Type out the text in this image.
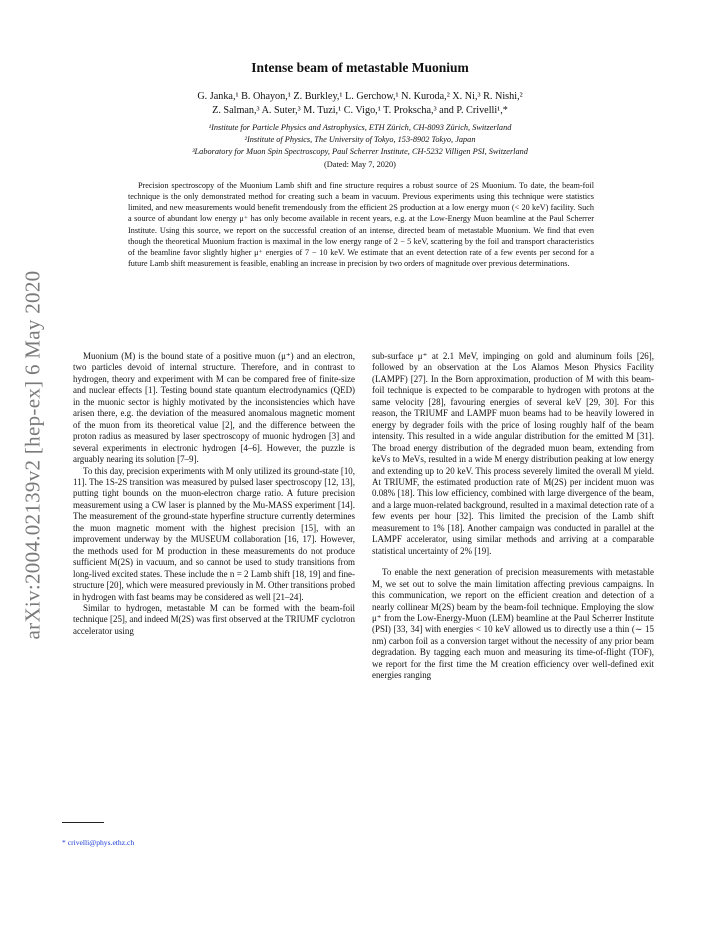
arXiv:2004.02139v2 [hep-ex] 6 May 2020
Intense beam of metastable Muonium
G. Janka,¹ B. Ohayon,¹ Z. Burkley,¹ L. Gerchow,¹ N. Kuroda,² X. Ni,³ R. Nishi,²
Z. Salman,³ A. Suter,³ M. Tuzi,¹ C. Vigo,¹ T. Prokscha,³ and P. Crivelli¹,*
¹Institute for Particle Physics and Astrophysics, ETH Zürich, CH-8093 Zürich, Switzerland
²Institute of Physics, The University of Tokyo, 153-8902 Tokyo, Japan
³Laboratory for Muon Spin Spectroscopy, Paul Scherrer Institute, CH-5232 Villigen PSI, Switzerland
(Dated: May 7, 2020)
Precision spectroscopy of the Muonium Lamb shift and fine structure requires a robust source of 2S Muonium. To date, the beam-foil technique is the only demonstrated method for creating such a beam in vacuum. Previous experiments using this technique were statistics limited, and new measurements would benefit tremendously from the efficient 2S production at a low energy muon (< 20 keV) facility. Such a source of abundant low energy μ⁺ has only become available in recent years, e.g. at the Low-Energy Muon beamline at the Paul Scherrer Institute. Using this source, we report on the successful creation of an intense, directed beam of metastable Muonium. We find that even though the theoretical Muonium fraction is maximal in the low energy range of 2 − 5 keV, scattering by the foil and transport characteristics of the beamline favor slightly higher μ⁺ energies of 7 − 10 keV. We estimate that an event detection rate of a few events per second for a future Lamb shift measurement is feasible, enabling an increase in precision by two orders of magnitude over previous determinations.

Muonium (M) is the bound state of a positive muon (μ⁺) and an electron, two particles devoid of internal structure. Therefore, and in contrast to hydrogen, theory and experiment with M can be compared free of finite-size and nuclear effects [1]. Testing bound state quantum electrodynamics (QED) in the muonic sector is highly motivated by the inconsistencies which have arisen there, e.g. the deviation of the measured anomalous magnetic moment of the muon from its theoretical value [2], and the difference between the proton radius as measured by laser spectroscopy of muonic hydrogen [3] and several experiments in electronic hydrogen [4–6]. However, the puzzle is arguably nearing its solution [7–9].

To this day, precision experiments with M only utilized its ground-state [10, 11]. The 1S-2S transition was measured by pulsed laser spectroscopy [12, 13], putting tight bounds on the muon-electron charge ratio. A future precision measurement using a CW laser is planned by the Mu-MASS experiment [14]. The measurement of the ground-state hyperfine structure currently determines the muon magnetic moment with the highest precision [15], with an improvement underway by the MUSEUM collaboration [16, 17]. However, the methods used for M production in these measurements do not produce sufficient M(2S) in vacuum, and so cannot be used to study transitions from long-lived excited states. These include the n = 2 Lamb shift [18, 19] and fine-structure [20], which were measured previously in M. Other transitions probed in hydrogen with fast beams may be considered as well [21–24].

Similar to hydrogen, metastable M can be formed with the beam-foil technique [25], and indeed M(2S) was first observed at the TRIUMF cyclotron accelerator using

sub-surface μ⁺ at 2.1 MeV, impinging on gold and aluminum foils [26], followed by an observation at the Los Alamos Meson Physics Facility (LAMPF) [27]. In the Born approximation, production of M with this beam-foil technique is expected to be comparable to hydrogen with protons at the same velocity [28], favouring energies of several keV [29, 30]. For this reason, the TRIUMF and LAMPF muon beams had to be heavily lowered in energy by degrader foils with the price of losing roughly half of the beam intensity. This resulted in a wide angular distribution for the emitted M [31]. The broad energy distribution of the degraded muon beam, extending from keVs to MeVs, resulted in a wide M energy distribution peaking at low energy and extending up to 20 keV. This process severely limited the overall M yield. At TRIUMF, the estimated production rate of M(2S) per incident muon was 0.08% [18]. This low efficiency, combined with large divergence of the beam, and a large muon-related background, resulted in a maximal detection rate of a few events per hour [32]. This limited the precision of the Lamb shift measurement to 1% [18]. Another campaign was conducted in parallel at the LAMPF accelerator, using similar methods and arriving at a comparable statistical uncertainty of 2% [19].

To enable the next generation of precision measurements with metastable M, we set out to solve the main limitation affecting previous campaigns. In this communication, we report on the efficient creation and detection of a nearly collinear M(2S) beam by the beam-foil technique. Employing the slow μ⁺ from the Low-Energy-Muon (LEM) beamline at the Paul Scherrer Institute (PSI) [33, 34] with energies < 10 keV allowed us to directly use a thin (∼ 15 nm) carbon foil as a conversion target without the necessity of any prior beam degradation. By tagging each muon and measuring its time-of-flight (TOF), we report for the first time the M creation efficiency over well-defined exit energies ranging

* crivelli@phys.ethz.ch
